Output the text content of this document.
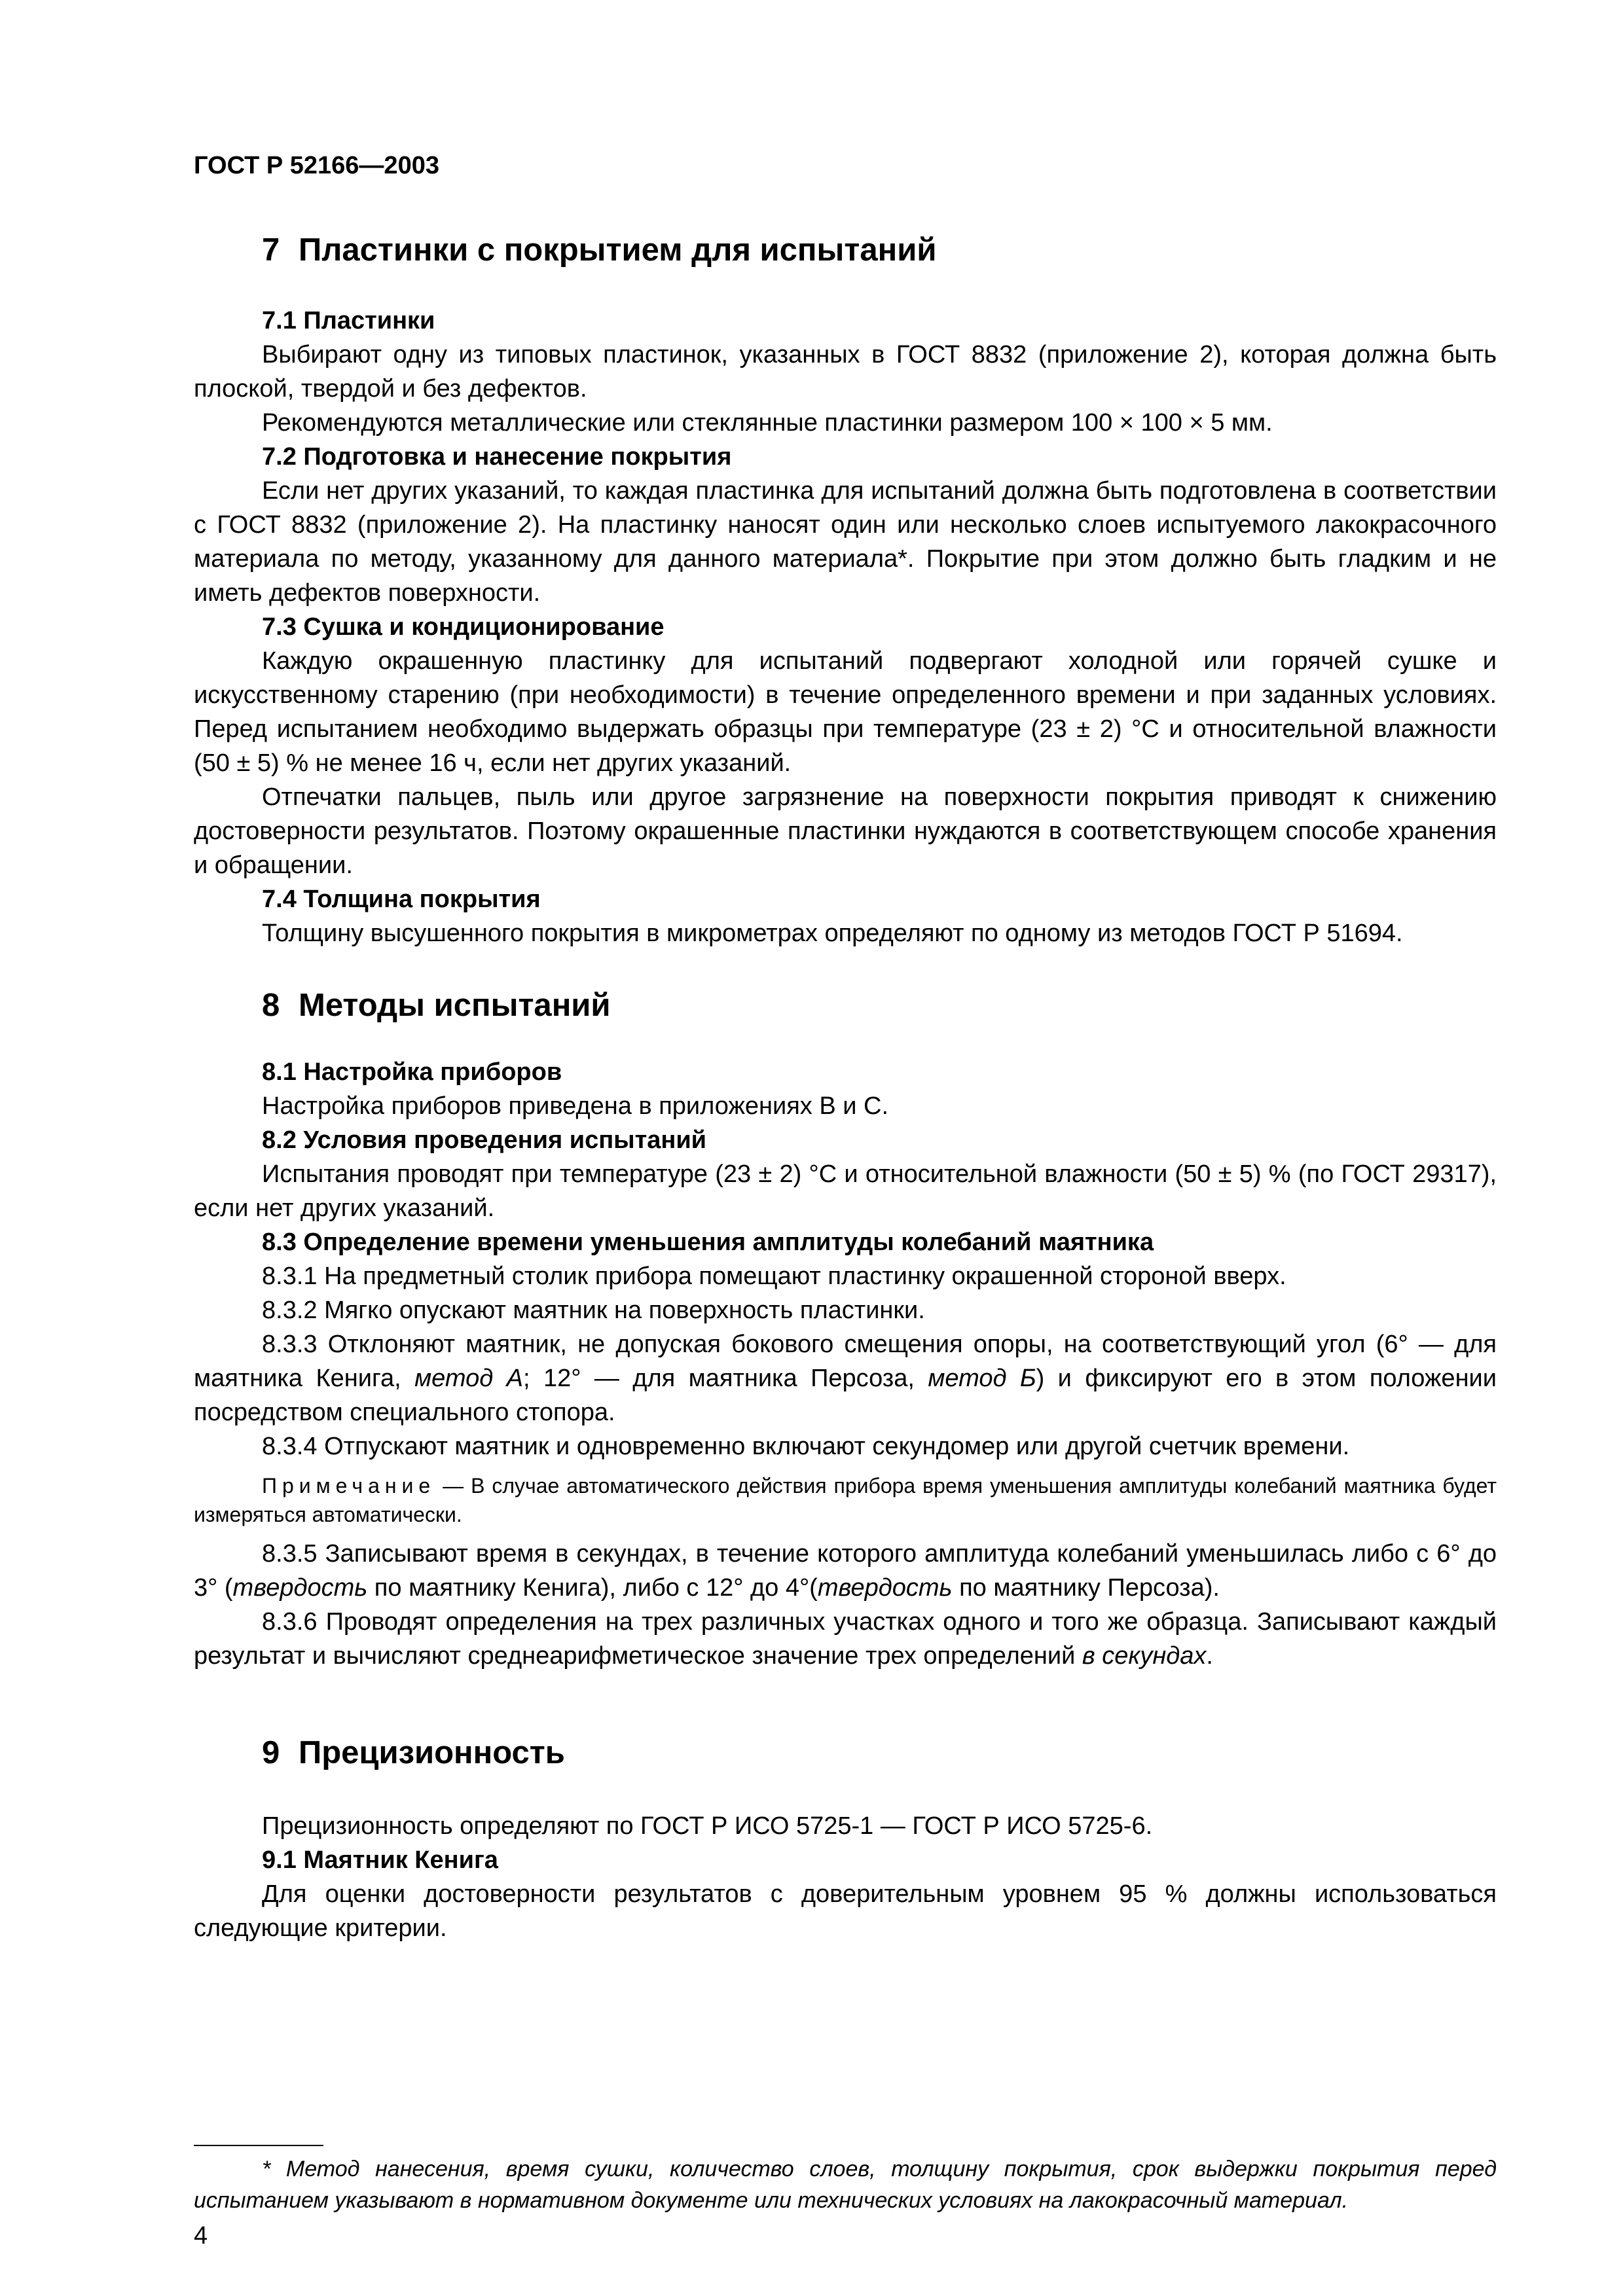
ГОСТ Р 52166—2003
7 Пластинки с покрытием для испытаний

7.1 Пластинки

Выбирают одну из типовых пластинок, указанных в ГОСТ 8832 (приложение 2), которая должна быть плоской, твердой и без дефектов.

Рекомендуются металлические или стеклянные пластинки размером 100 × 100 × 5 мм.

7.2 Подготовка и нанесение покрытия

Если нет других указаний, то каждая пластинка для испытаний должна быть подготовлена в соответствии с ГОСТ 8832 (приложение 2). На пластинку наносят один или несколько слоев испытуемого лакокрасочного материала по методу, указанному для данного материала*. Покрытие при этом должно быть гладким и не иметь дефектов поверхности.

7.3 Сушка и кондиционирование

Каждую окрашенную пластинку для испытаний подвергают холодной или горячей сушке и искусственному старению (при необходимости) в течение определенного времени и при заданных условиях. Перед испытанием необходимо выдержать образцы при температуре (23 ± 2) °С и относительной влажности (50 ± 5) % не менее 16 ч, если нет других указаний.

Отпечатки пальцев, пыль или другое загрязнение на поверхности покрытия приводят к снижению достоверности результатов. Поэтому окрашенные пластинки нуждаются в соответствующем способе хранения и обращении.

7.4 Толщина покрытия

Толщину высушенного покрытия в микрометрах определяют по одному из методов ГОСТ Р 51694.

8 Методы испытаний

8.1 Настройка приборов

Настройка приборов приведена в приложениях В и С.

8.2 Условия проведения испытаний

Испытания проводят при температуре (23 ± 2) °С и относительной влажности (50 ± 5) % (по ГОСТ 29317), если нет других указаний.

8.3 Определение времени уменьшения амплитуды колебаний маятника

8.3.1 На предметный столик прибора помещают пластинку окрашенной стороной вверх.

8.3.2 Мягко опускают маятник на поверхность пластинки.

8.3.3 Отклоняют маятник, не допуская бокового смещения опоры, на соответствующий угол (6° — для маятника Кенига, метод А; 12° — для маятника Персоза, метод Б) и фиксируют его в этом положении посредством специального стопора.

8.3.4 Отпускают маятник и одновременно включают секундомер или другой счетчик времени.

Примечание — В случае автоматического действия прибора время уменьшения амплитуды колебаний маятника будет измеряться автоматически.

8.3.5 Записывают время в секундах, в течение которого амплитуда колебаний уменьшилась либо с 6° до 3° (твердость по маятнику Кенига), либо с 12° до 4°(твердость по маятнику Персоза).

8.3.6 Проводят определения на трех различных участках одного и того же образца. Записывают каждый результат и вычисляют среднеарифметическое значение трех определений в секундах.

9 Прецизионность

Прецизионность определяют по ГОСТ Р ИСО 5725-1 — ГОСТ Р ИСО 5725-6.

9.1 Маятник Кенига

Для оценки достоверности результатов с доверительным уровнем 95 % должны использоваться следующие критерии.

* Метод нанесения, время сушки, количество слоев, толщину покрытия, срок выдержки покрытия перед испытанием указывают в нормативном документе или технических условиях на лакокрасочный материал.

4
